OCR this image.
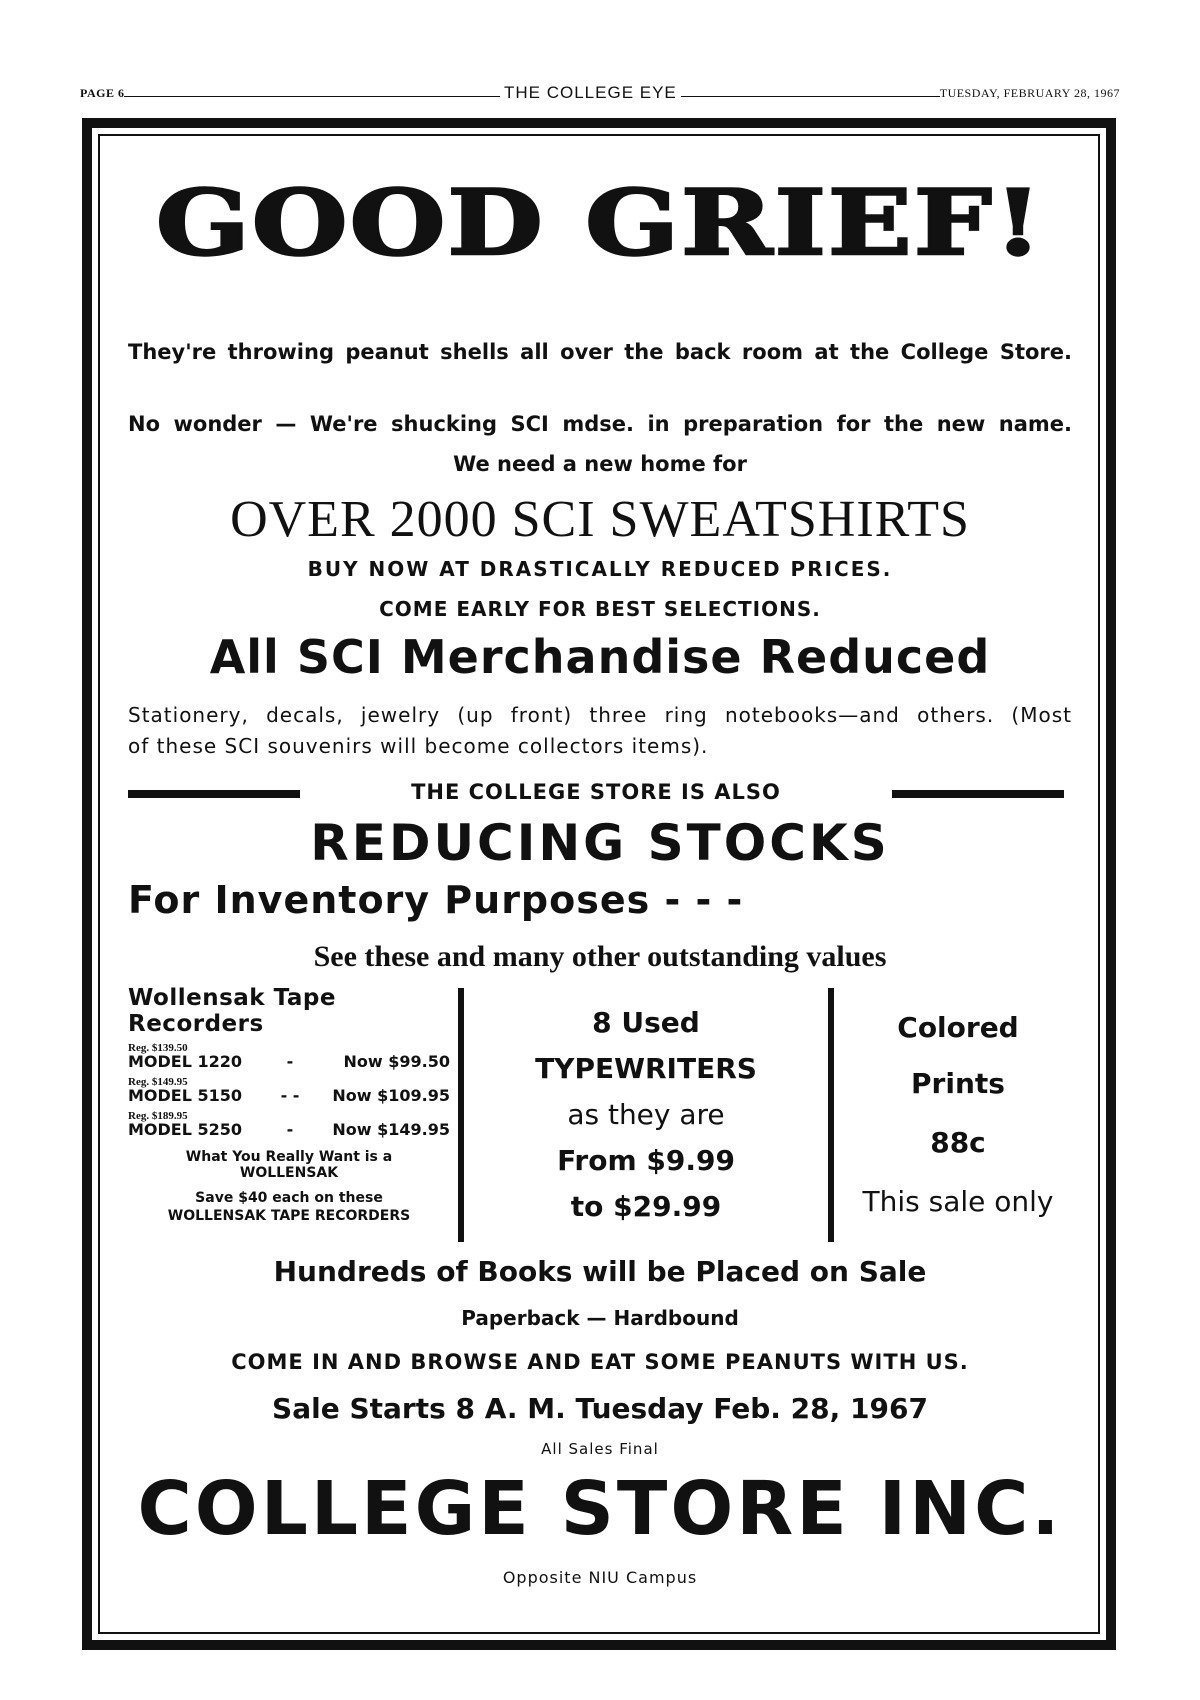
PAGE 6	THE COLLEGE EYE	TUESDAY, FEBRUARY 28, 1967
GOOD GRIEF!
They're throwing peanut shells all over the back room at the College Store.
No wonder — We're shucking SCI mdse. in preparation for the new name.
We need a new home for
OVER 2000 SCI SWEATSHIRTS
BUY NOW AT DRASTICALLY REDUCED PRICES.
COME EARLY FOR BEST SELECTIONS.
All SCI Merchandise Reduced
Stationery, decals, jewelry (up front) three ring notebooks—and others. (Most
of these SCI souvenirs will become collectors items).
THE COLLEGE STORE IS ALSO
REDUCING STOCKS
For Inventory Purposes - - -
See these and many other outstanding values
Wollensak Tape Recorders
Reg. $139.50
MODEL 1220	-	Now $99.50
Reg. $149.95
MODEL 5150	- -	Now $109.95
Reg. $189.95
MODEL 5250	-	Now $149.95
What You Really Want is a
WOLLENSAK
Save $40 each on these
WOLLENSAK TAPE RECORDERS
8 Used
TYPEWRITERS
as they are
From $9.99
to $29.99
Colored
Prints
88c
This sale only
Hundreds of Books will be Placed on Sale
Paperback — Hardbound
COME IN AND BROWSE AND EAT SOME PEANUTS WITH US.
Sale Starts 8 A. M. Tuesday Feb. 28, 1967
All Sales Final
COLLEGE STORE INC.
Opposite NIU Campus
